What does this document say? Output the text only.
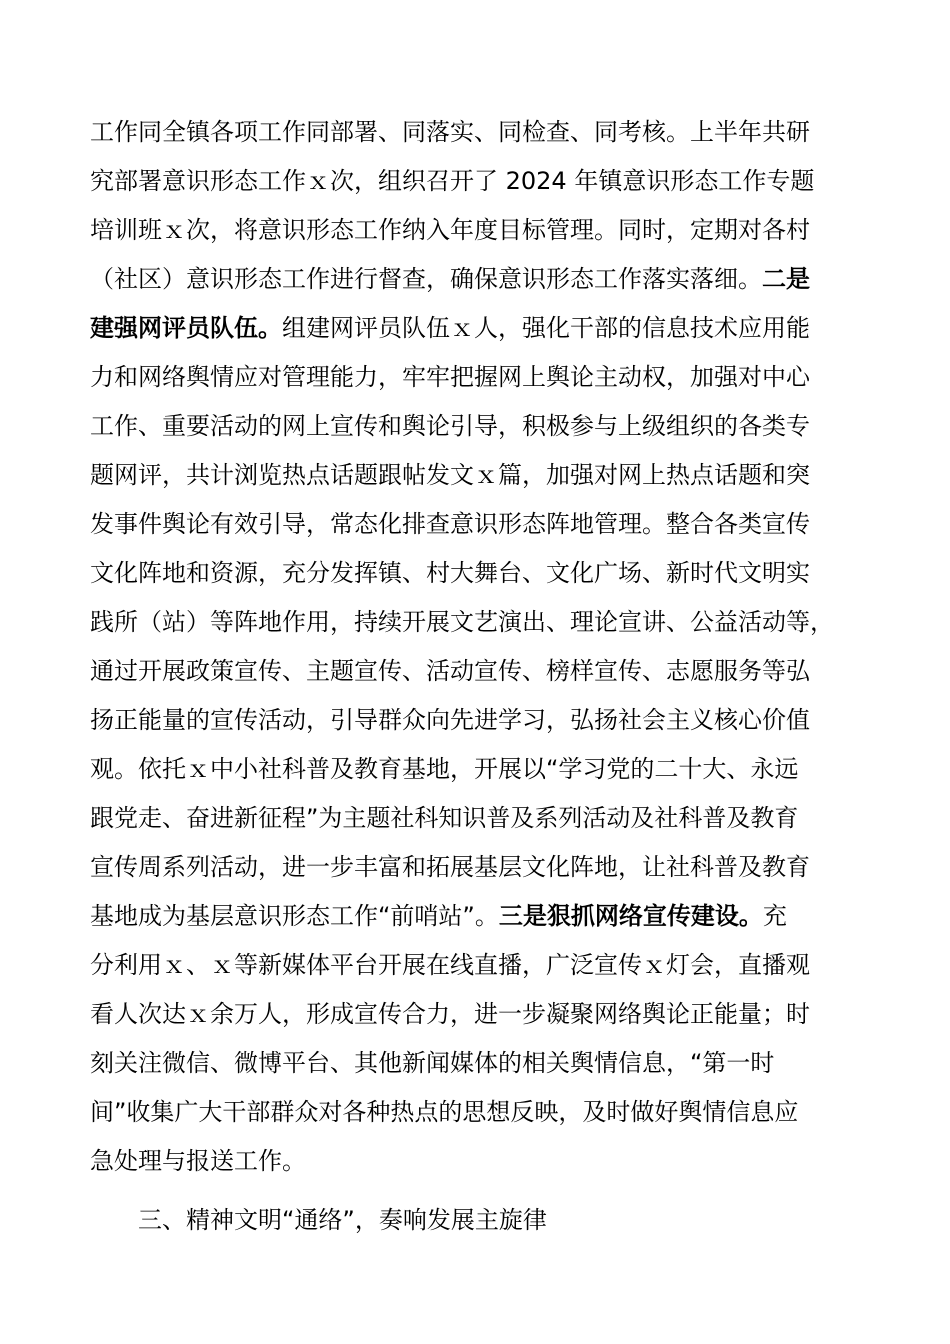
工作同全镇各项工作同部署、同落实、同检查、同考核。上半年共研
究部署意识形态工作ｘ次，组织召开了 2024 年镇意识形态工作专题
培训班ｘ次，将意识形态工作纳入年度目标管理。同时，定期对各村
（社区）意识形态工作进行督查，确保意识形态工作落实落细。二是
建强网评员队伍。组建网评员队伍ｘ人，强化干部的信息技术应用能
力和网络舆情应对管理能力，牢牢把握网上舆论主动权，加强对中心
工作、重要活动的网上宣传和舆论引导，积极参与上级组织的各类专
题网评，共计浏览热点话题跟帖发文ｘ篇，加强对网上热点话题和突
发事件舆论有效引导，常态化排查意识形态阵地管理。整合各类宣传
文化阵地和资源，充分发挥镇、村大舞台、文化广场、新时代文明实
践所（站）等阵地作用，持续开展文艺演出、理论宣讲、公益活动等，
通过开展政策宣传、主题宣传、活动宣传、榜样宣传、志愿服务等弘
扬正能量的宣传活动，引导群众向先进学习，弘扬社会主义核心价值
观。依托ｘ中小社科普及教育基地，开展以“学习党的二十大、永远
跟党走、奋进新征程”为主题社科知识普及系列活动及社科普及教育
宣传周系列活动，进一步丰富和拓展基层文化阵地，让社科普及教育
基地成为基层意识形态工作“前哨站”。三是狠抓网络宣传建设。充
分利用ｘ、ｘ等新媒体平台开展在线直播，广泛宣传ｘ灯会，直播观
看人次达ｘ余万人，形成宣传合力，进一步凝聚网络舆论正能量；时
刻关注微信、微博平台、其他新闻媒体的相关舆情信息，“第一时
间”收集广大干部群众对各种热点的思想反映，及时做好舆情信息应
急处理与报送工作。
三、精神文明“通络”，奏响发展主旋律
